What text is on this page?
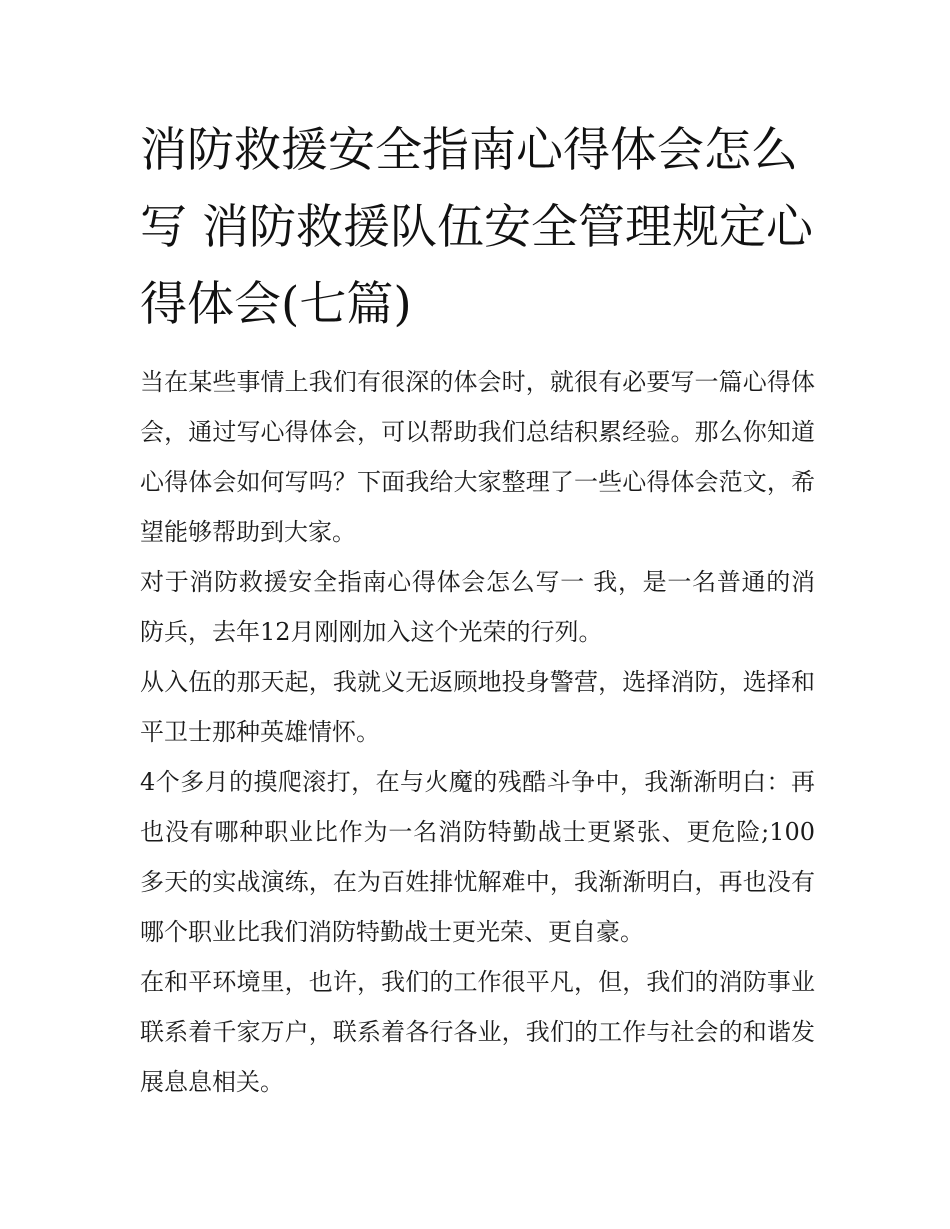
消防救援安全指南心得体会怎么写 消防救援队伍安全管理规定心得体会(七篇)

当在某些事情上我们有很深的体会时，就很有必要写一篇心得体会，通过写心得体会，可以帮助我们总结积累经验。那么你知道心得体会如何写吗？下面我给大家整理了一些心得体会范文，希望能够帮助到大家。

对于消防救援安全指南心得体会怎么写一 我，是一名普通的消防兵，去年12月刚刚加入这个光荣的行列。

从入伍的那天起，我就义无返顾地投身警营，选择消防，选择和平卫士那种英雄情怀。

4个多月的摸爬滚打，在与火魔的残酷斗争中，我渐渐明白：再也没有哪种职业比作为一名消防特勤战士更紧张、更危险;100多天的实战演练，在为百姓排忧解难中，我渐渐明白，再也没有哪个职业比我们消防特勤战士更光荣、更自豪。

在和平环境里，也许，我们的工作很平凡，但，我们的消防事业联系着千家万户，联系着各行各业，我们的工作与社会的和谐发展息息相关。
